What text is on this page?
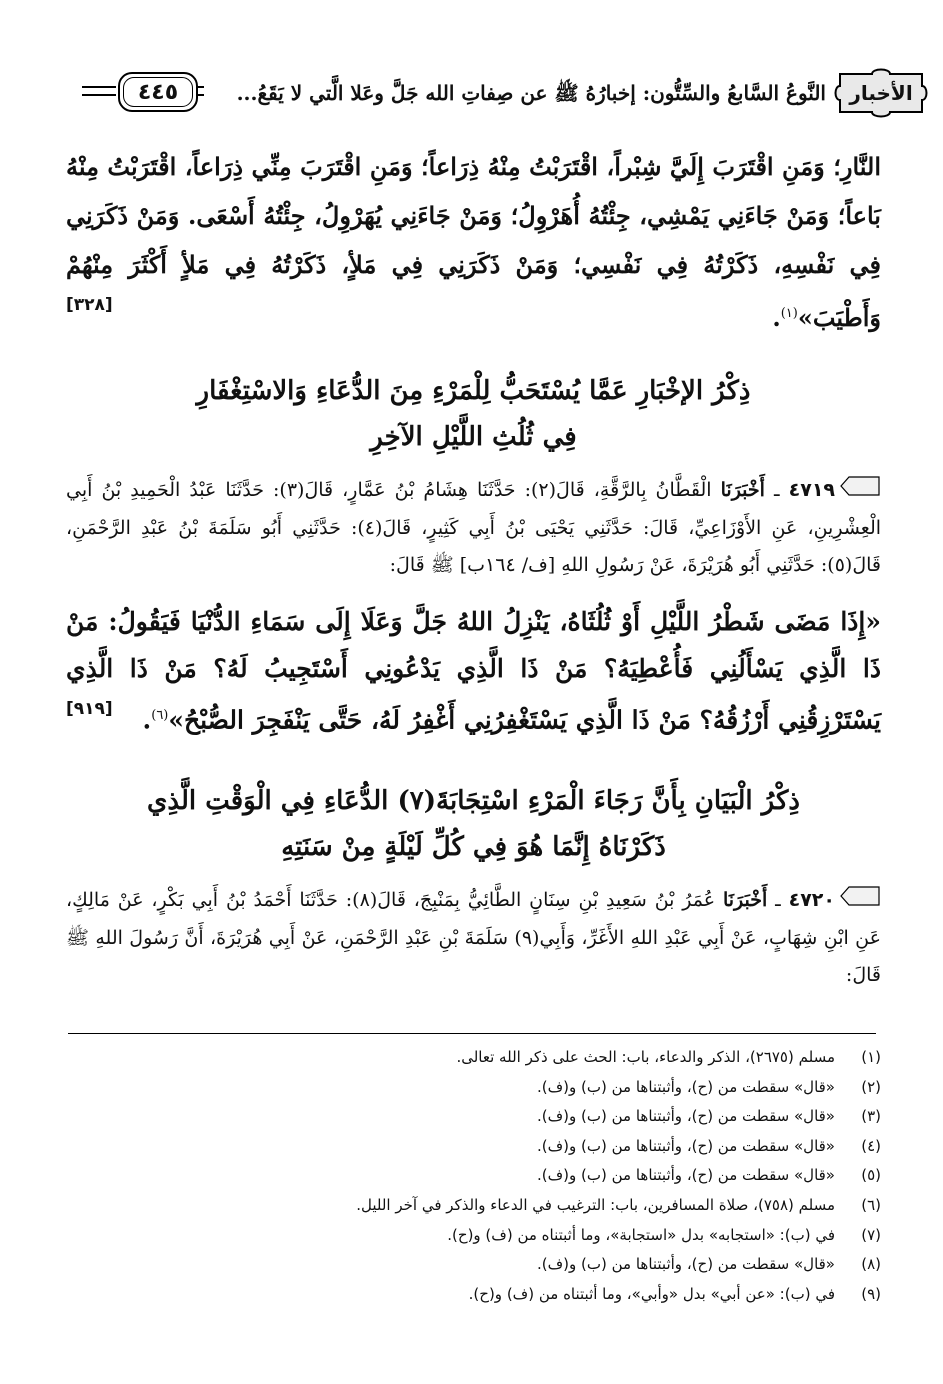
الأخبار
النَّوعُ السَّابعُ والسِّتُّون: إخبارُهُ ﷺ عن صِفاتِ الله جَلَّ وعَلا الَّتي لا يَقَعُ...
٤٤٥
النَّارِ؛ وَمَنِ اقْتَرَبَ إِلَيَّ شِبْراً، اقْتَرَبْتُ مِنْهُ ذِرَاعاً؛ وَمَنِ اقْتَرَبَ مِنِّي ذِرَاعاً، اقْتَرَبْتُ مِنْهُ بَاعاً؛ وَمَنْ جَاءَنِي يَمْشِي، جِئْتُهُ أُهَرْوِلُ؛ وَمَنْ جَاءَنِي يُهَرْوِلُ، جِئْتُهُ أَسْعَى. وَمَنْ ذَكَرَنِي فِي نَفْسِهِ، ذَكَرْتُهُ فِي نَفْسِي؛ وَمَنْ ذَكَرَنِي فِي مَلأٍ، ذَكَرْتُهُ فِي مَلأٍ أَكْثَرَ مِنْهُمْ وَأَطْيَبَ»$^{(١)}$.
[٣٢٨]
ذِكْرُ الإخْبَارِ عَمَّا يُسْتَحَبُّ لِلْمَرْءِ مِنَ الدُّعَاءِ وَالاسْتِغْفَارِ
فِي ثُلُثِ اللَّيْلِ الآخِرِ
٤٧١٩ ـ أَخْبَرَنَا الْقَطَّانُ بِالرَّقَّةِ، قَالَ(٢): حَدَّثَنَا هِشَامُ بْنُ عَمَّارٍ، قَالَ(٣): حَدَّثَنَا عَبْدُ الْحَمِيدِ بْنُ أَبِي الْعِشْرِينِ، عَنِ الأَوْزَاعِيِّ، قَالَ: حَدَّثَنِي يَحْيَى بْنُ أَبِي كَثِيرٍ، قَالَ(٤): حَدَّثَنِي أَبُو سَلَمَةَ بْنُ عَبْدِ الرَّحْمَنِ، قَالَ(٥): حَدَّثَنِي أَبُو هُرَيْرَةَ، عَنْ رَسُولِ اللهِ [ف/ ١٦٤ب] ﷺ قَالَ:
«إِذَا مَضَى شَطْرُ اللَّيْلِ أَوْ ثُلُثَاهُ، يَنْزِلُ اللهُ جَلَّ وَعَلَا إِلَى سَمَاءِ الدُّنْيَا فَيَقُولُ: مَنْ ذَا الَّذِي يَسْأَلُنِي فَأُعْطِيَهُ؟ مَنْ ذَا الَّذِي يَدْعُونِي أَسْتَجِيبُ لَهُ؟ مَنْ ذَا الَّذِي يَسْتَرْزِقُنِي أَرْزُقُهُ؟ مَنْ ذَا الَّذِي يَسْتَغْفِرُنِي أَغْفِرُ لَهُ، حَتَّى يَنْفَجِرَ الصُّبْحُ»$^{(٦)}$.
[٩١٩]
ذِكْرُ الْبَيَانِ بِأَنَّ رَجَاءَ الْمَرْءِ اسْتِجَابَةَ(٧) الدُّعَاءِ فِي الْوَقْتِ الَّذِي
ذَكَرْنَاهُ إِنَّمَا هُوَ فِي كُلِّ لَيْلَةٍ مِنْ سَنَتِهِ
٤٧٢٠ ـ أَخْبَرَنَا عُمَرُ بْنُ سَعِيدِ بْنِ سِنَانٍ الطَّائِيُّ بِمَنْبِجَ، قَالَ(٨): حَدَّثَنَا أَحْمَدُ بْنُ أَبِي بَكْرٍ، عَنْ مَالِكٍ، عَنِ ابْنِ شِهَابٍ، عَنْ أَبِي عَبْدِ اللهِ الأَغَرِّ، وَأَبِي(٩) سَلَمَةَ بْنِ عَبْدِ الرَّحْمَنِ، عَنْ أَبِي هُرَيْرَةَ، أَنَّ رَسُولَ اللهِ ﷺ قَالَ:
(١)
مسلم (٢٦٧٥)، الذكر والدعاء، باب: الحث على ذكر الله تعالى.
(٢)
«قال» سقطت من (ح)، وأثبتناها من (ب) و(ف).
(٣)
«قال» سقطت من (ح)، وأثبتناها من (ب) و(ف).
(٤)
«قال» سقطت من (ح)، وأثبتناها من (ب) و(ف).
(٥)
«قال» سقطت من (ح)، وأثبتناها من (ب) و(ف).
(٦)
مسلم (٧٥٨)، صلاة المسافرين، باب: الترغيب في الدعاء والذكر في آخر الليل.
(٧)
في (ب): «استجابه» بدل «استجابة»، وما أثبتناه من (ف) و(ح).
(٨)
«قال» سقطت من (ح)، وأثبتناها من (ب) و(ف).
(٩)
في (ب): «عن أبي» بدل «وأبي»، وما أثبتناه من (ف) و(ح).
